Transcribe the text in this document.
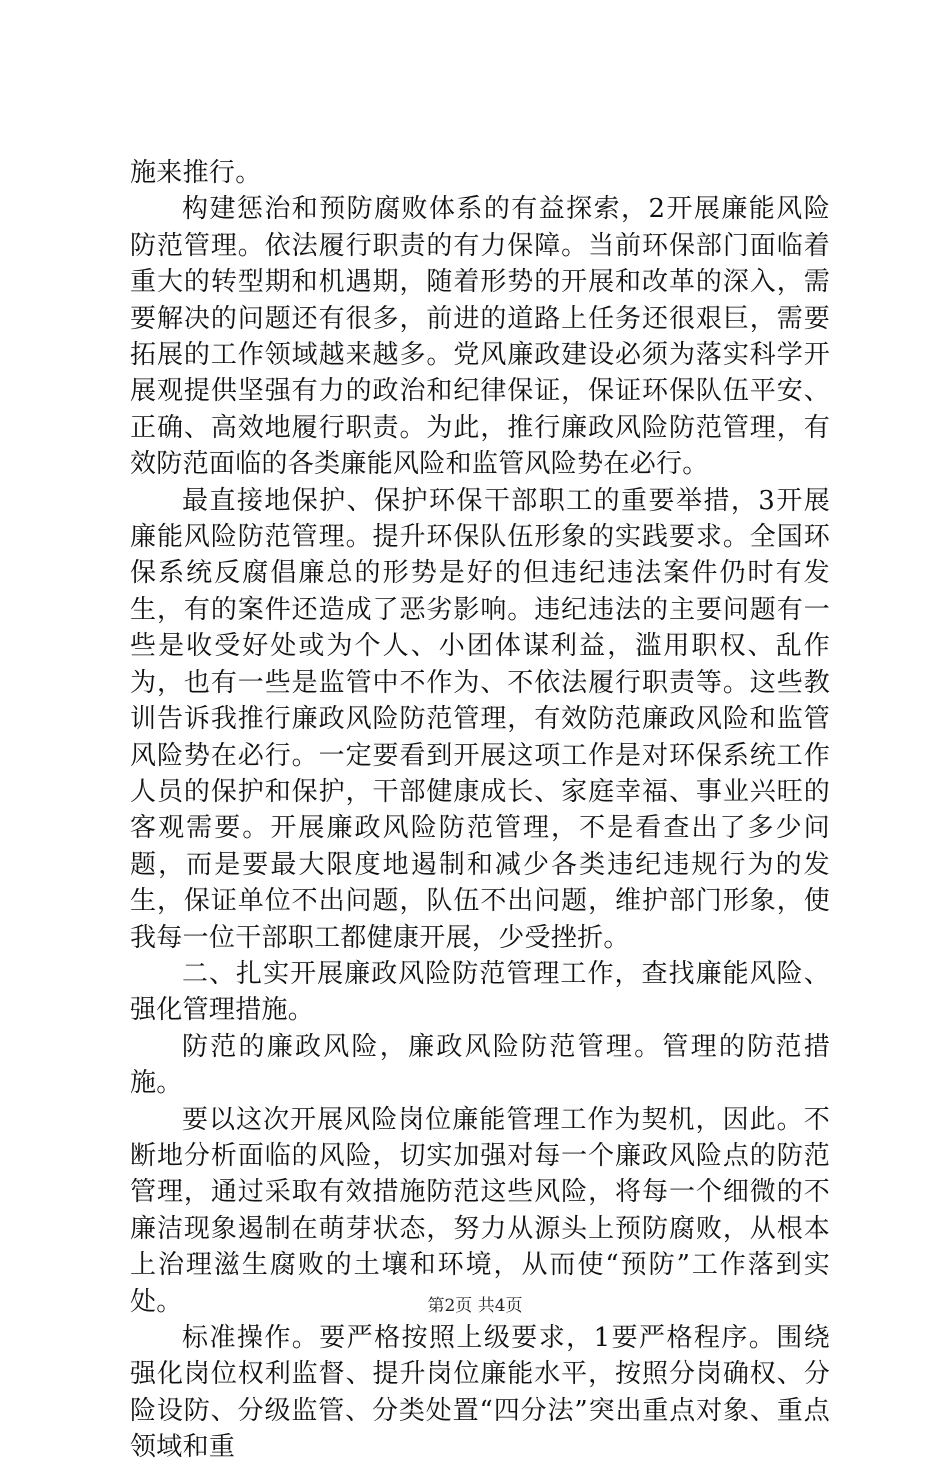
施来推行。

构建惩治和预防腐败体系的有益探索，2开展廉能风险防范管理。依法履行职责的有力保障。当前环保部门面临着重大的转型期和机遇期，随着形势的开展和改革的深入，需要解决的问题还有很多，前进的道路上任务还很艰巨，需要拓展的工作领域越来越多。党风廉政建设必须为落实科学开展观提供坚强有力的政治和纪律保证，保证环保队伍平安、正确、高效地履行职责。为此，推行廉政风险防范管理，有效防范面临的各类廉能风险和监管风险势在必行。

最直接地保护、保护环保干部职工的重要举措，3开展廉能风险防范管理。提升环保队伍形象的实践要求。全国环保系统反腐倡廉总的形势是好的但违纪违法案件仍时有发生，有的案件还造成了恶劣影响。违纪违法的主要问题有一些是收受好处或为个人、小团体谋利益，滥用职权、乱作为，也有一些是监管中不作为、不依法履行职责等。这些教训告诉我推行廉政风险防范管理，有效防范廉政风险和监管风险势在必行。一定要看到开展这项工作是对环保系统工作人员的保护和保护，干部健康成长、家庭幸福、事业兴旺的客观需要。开展廉政风险防范管理，不是看查出了多少问题，而是要最大限度地遏制和减少各类违纪违规行为的发生，保证单位不出问题，队伍不出问题，维护部门形象，使我每一位干部职工都健康开展，少受挫折。

二、扎实开展廉政风险防范管理工作，查找廉能风险、强化管理措施。

防范的廉政风险，廉政风险防范管理。管理的防范措施。

要以这次开展风险岗位廉能管理工作为契机，因此。不断地分析面临的风险，切实加强对每一个廉政风险点的防范管理，通过采取有效措施防范这些风险，将每一个细微的不廉洁现象遏制在萌芽状态，努力从源头上预防腐败，从根本上治理滋生腐败的土壤和环境，从而使“预防”工作落到实处。

标准操作。要严格按照上级要求，1要严格程序。围绕强化岗位权利监督、提升岗位廉能水平，按照分岗确权、分险设防、分级监管、分类处置“四分法”突出重点对象、重点领域和重

第2页 共4页
